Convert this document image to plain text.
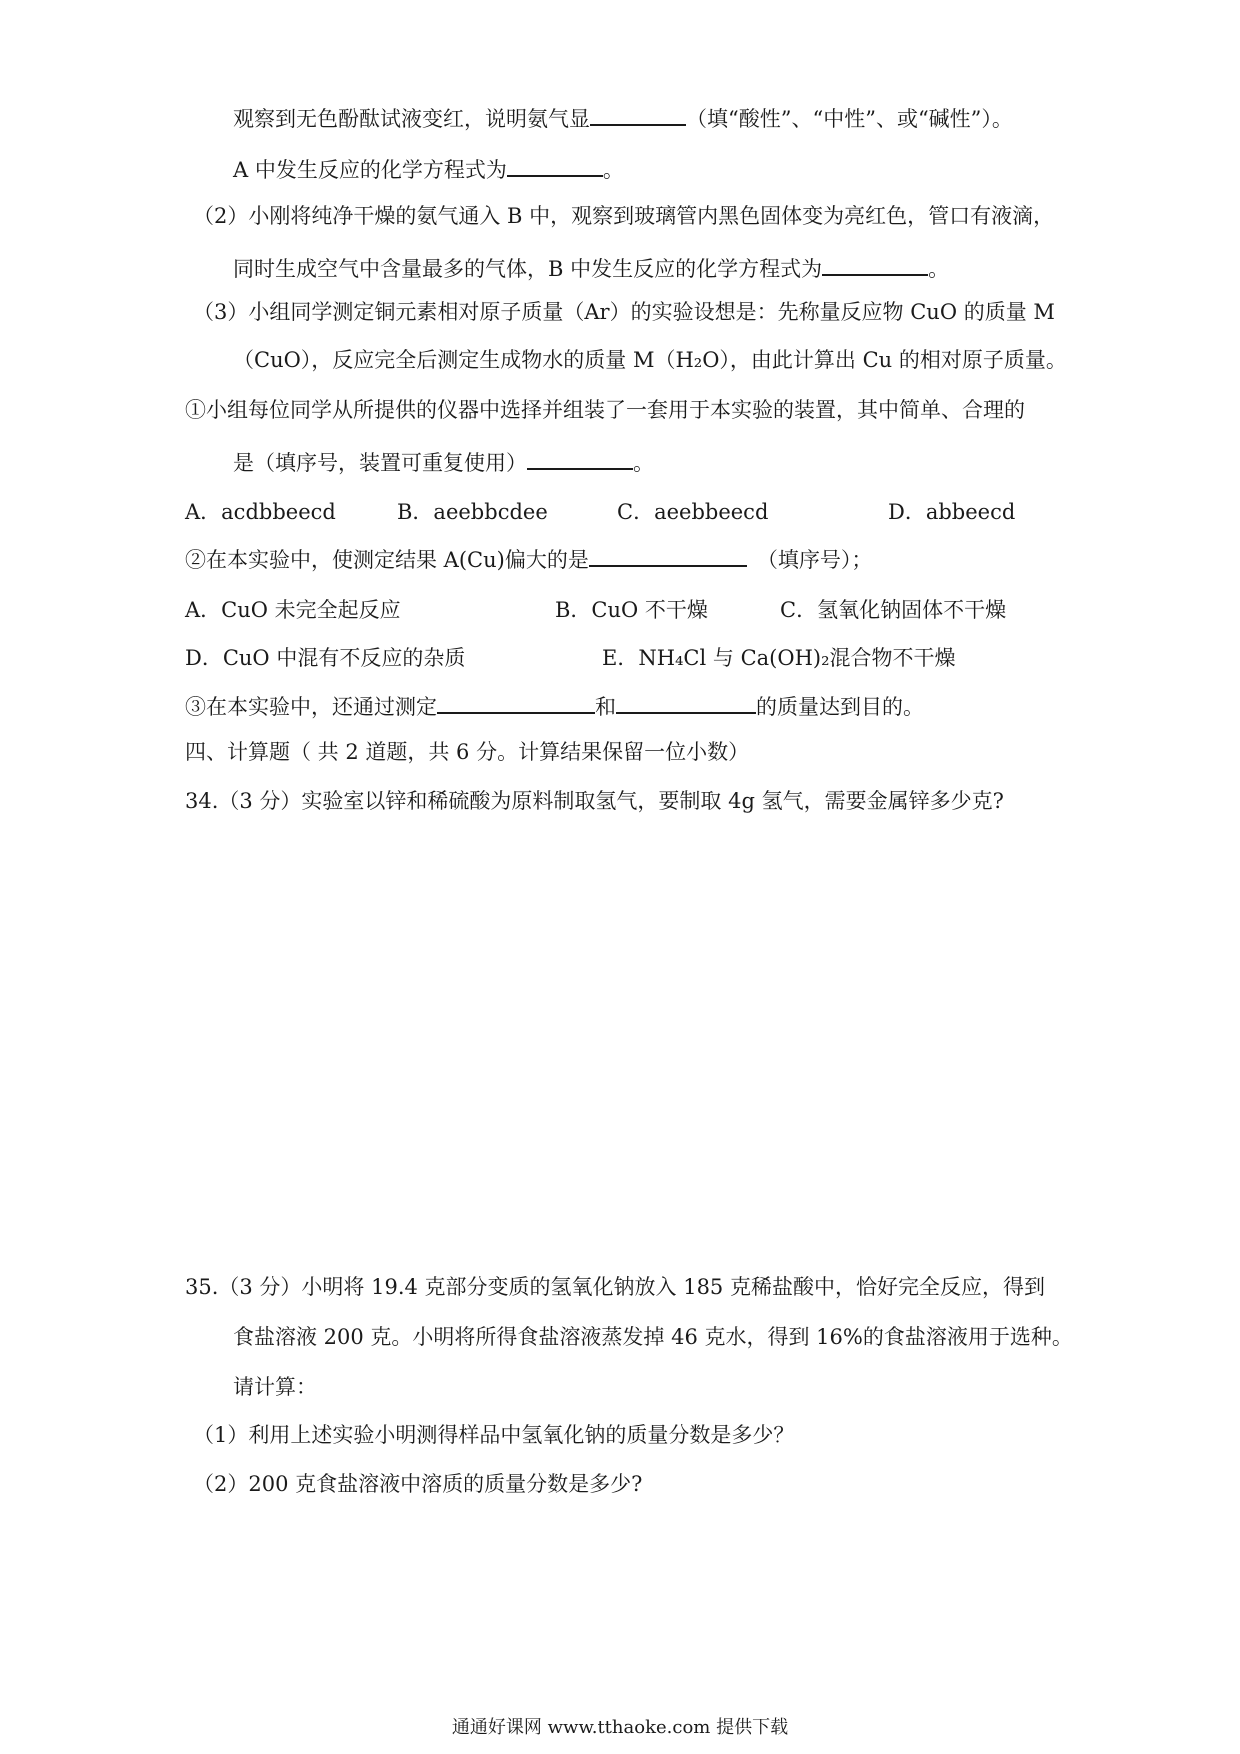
观察到无色酚酞试液变红，说明氨气显	（填“酸性”、“中性”、或“碱性”）。
A 中发生反应的化学方程式为	。
（2）小刚将纯净干燥的氨气通入 B 中，观察到玻璃管内黑色固体变为亮红色，管口有液滴，
同时生成空气中含量最多的气体，B 中发生反应的化学方程式为	。
（3）小组同学测定铜元素相对原子质量（Ar）的实验设想是：先称量反应物 CuO 的质量 M
（CuO），反应完全后测定生成物水的质量 M（H₂O），由此计算出 Cu 的相对原子质量。
①小组每位同学从所提供的仪器中选择并组装了一套用于本实验的装置，其中简单、合理的
是（填序号，装置可重复使用）	。
A．acdbbeecd	B．aeebbcdee	C．aeebbeecd	D．abbeecd
②在本实验中，使测定结果 A(Cu)偏大的是	（填序号）；
A．CuO 未完全起反应	B．CuO 不干燥	C．氢氧化钠固体不干燥
D．CuO 中混有不反应的杂质	E．NH₄Cl 与 Ca(OH)₂混合物不干燥
③在本实验中，还通过测定	和	的质量达到目的。
四、计算题（ 共 2 道题，共 6 分。计算结果保留一位小数）
34.（3 分）实验室以锌和稀硫酸为原料制取氢气，要制取 4g 氢气，需要金属锌多少克?
35.（3 分）小明将 19.4 克部分变质的氢氧化钠放入 185 克稀盐酸中，恰好完全反应，得到
食盐溶液 200 克。小明将所得食盐溶液蒸发掉 46 克水，得到 16%的食盐溶液用于选种。
请计算：
（1）利用上述实验小明测得样品中氢氧化钠的质量分数是多少？
（2）200 克食盐溶液中溶质的质量分数是多少?
通通好课网 www.tthaoke.com 提供下载
